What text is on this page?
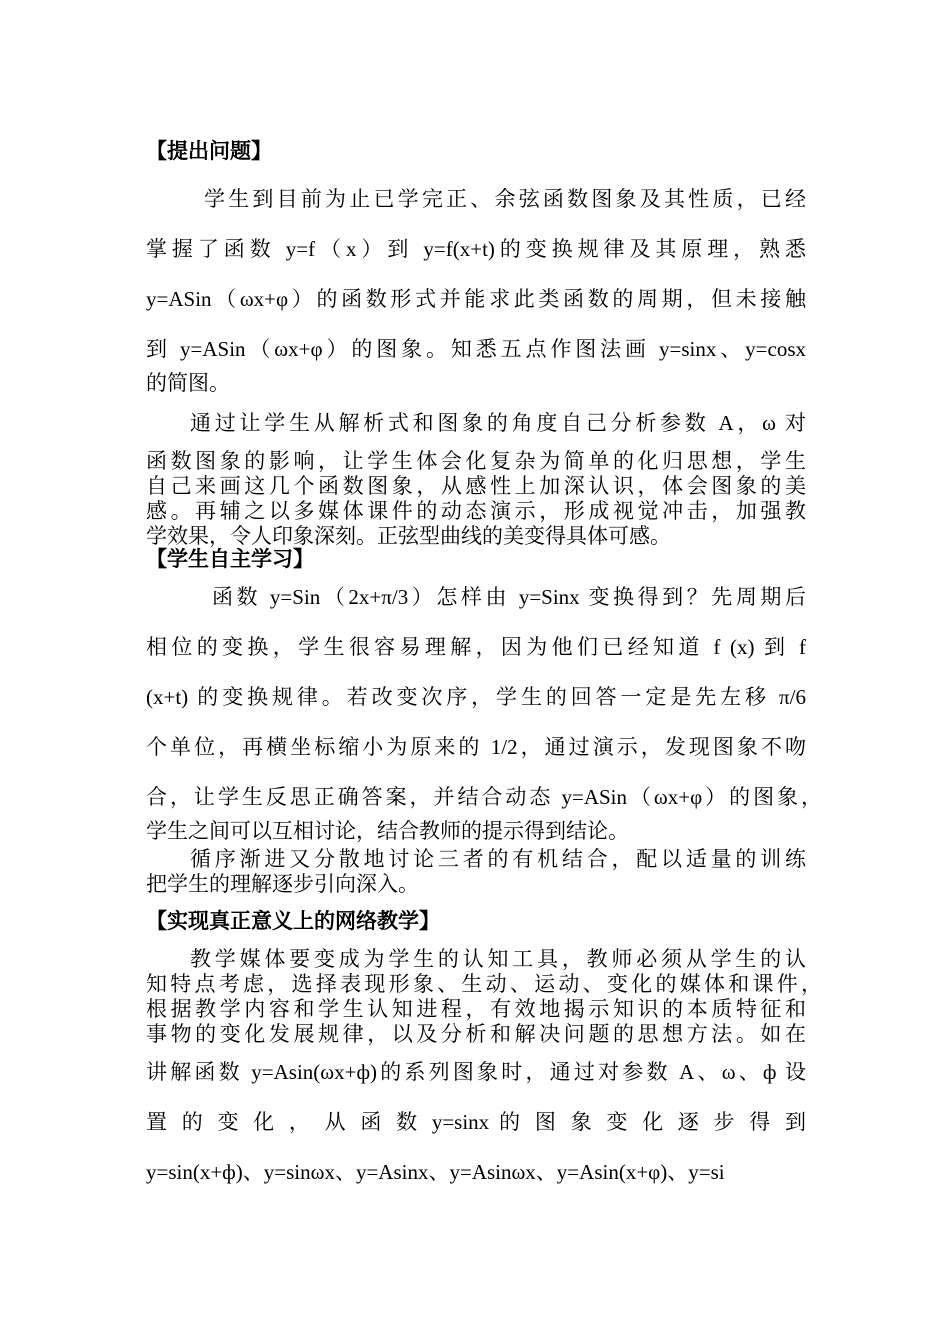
【提出问题】
学生到目前为止已学完正、余弦函数图象及其性质，已经
掌握了函数 y=f（x）到 y=f(x+t)的变换规律及其原理，熟悉
y=ASin（ωx+φ）的函数形式并能求此类函数的周期，但未接触
到 y=ASin（ωx+φ）的图象。知悉五点作图法画 y=sinx、y=cosx
的简图。
通过让学生从解析式和图象的角度自己分析参数 A，ω 对
函数图象的影响，让学生体会化复杂为简单的化归思想，学生
自己来画这几个函数图象，从感性上加深认识，体会图象的美
感。再辅之以多媒体课件的动态演示，形成视觉冲击，加强教
学效果，令人印象深刻。正弦型曲线的美变得具体可感。
【学生自主学习】
函数 y=Sin（2x+π/3）怎样由 y=Sinx 变换得到？先周期后
相位的变换，学生很容易理解，因为他们已经知道 f (x) 到 f
(x+t) 的变换规律。若改变次序，学生的回答一定是先左移 π/6
个单位，再横坐标缩小为原来的 1/2，通过演示，发现图象不吻
合，让学生反思正确答案，并结合动态 y=ASin（ωx+φ）的图象，
学生之间可以互相讨论，结合教师的提示得到结论。
循序渐进又分散地讨论三者的有机结合，配以适量的训练
把学生的理解逐步引向深入。
【实现真正意义上的网络教学】
教学媒体要变成为学生的认知工具，教师必须从学生的认
知特点考虑，选择表现形象、生动、运动、变化的媒体和课件，
根据教学内容和学生认知进程，有效地揭示知识的本质特征和
事物的变化发展规律，以及分析和解决问题的思想方法。如在
讲解函数 y=Asin(ωx+ф)的系列图象时，通过对参数 A、ω、ф 设
置 的 变 化 ， 从 函 数 y=sinx 的 图 象 变 化 逐 步 得 到
y=sin(x+ф)、y=sinωx、y=Asinx、y=Asinωx、y=Asin(x+φ)、y=si
